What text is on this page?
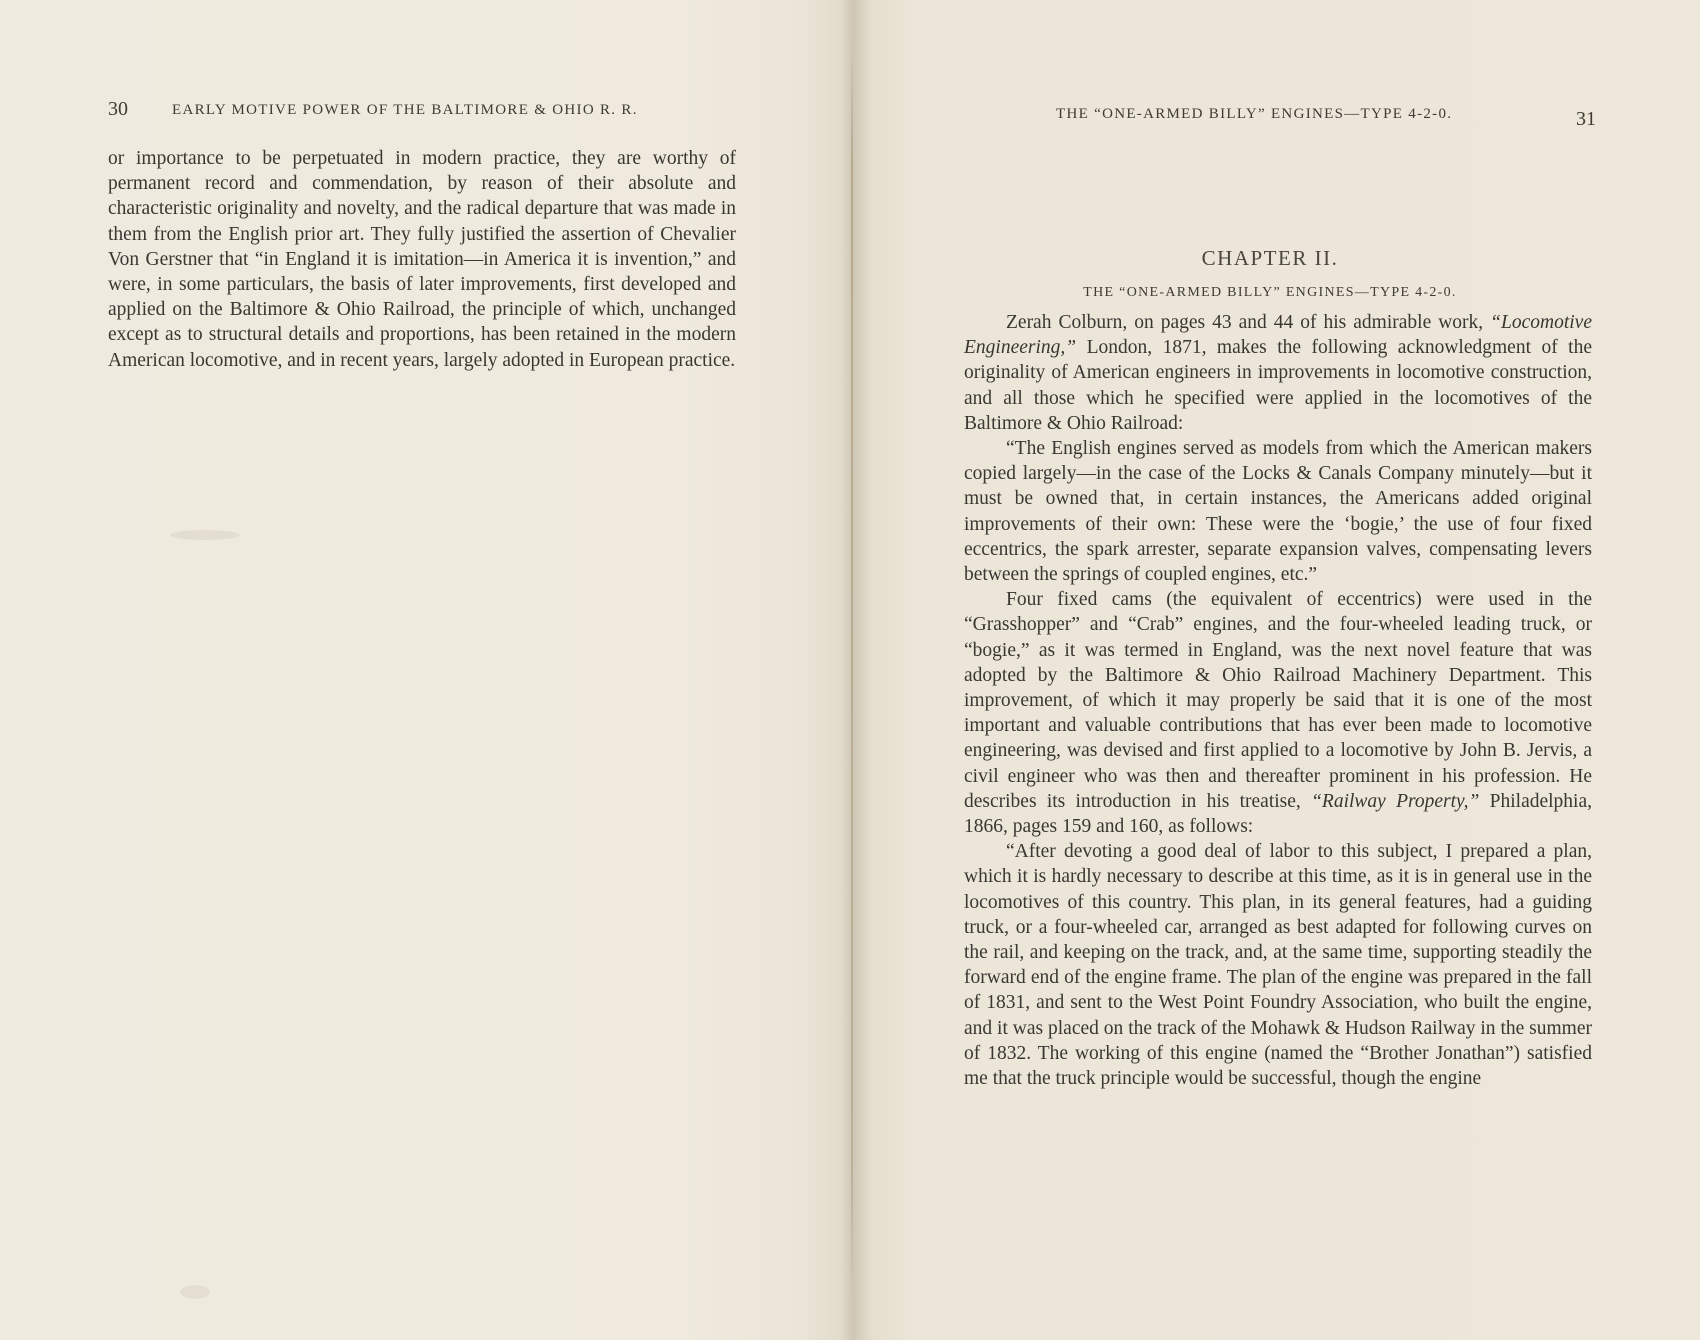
30	EARLY MOTIVE POWER OF THE BALTIMORE & OHIO R. R.

or importance to be perpetuated in modern practice, they are worthy of permanent record and commendation, by reason of their absolute and characteristic originality and novelty, and the radical departure that was made in them from the English prior art. They fully justified the assertion of Chevalier Von Gerstner that “in England it is imitation—in America it is invention,” and were, in some particulars, the basis of later improvements, first developed and applied on the Baltimore & Ohio Railroad, the principle of which, unchanged except as to structural details and proportions, has been retained in the modern American locomotive, and in recent years, largely adopted in European practice.

THE “ONE-ARMED BILLY” ENGINES—TYPE 4-2-0.	31
CHAPTER II.
THE “ONE-ARMED BILLY” ENGINES—TYPE 4-2-0.

Zerah Colburn, on pages 43 and 44 of his admirable work, “Locomotive Engineering,” London, 1871, makes the following acknowledgment of the originality of American engineers in improvements in locomotive construction, and all those which he specified were applied in the locomotives of the Baltimore & Ohio Railroad:

“The English engines served as models from which the American makers copied largely—in the case of the Locks & Canals Company minutely—but it must be owned that, in certain instances, the Americans added original improvements of their own: These were the ‘bogie,’ the use of four fixed eccentrics, the spark arrester, separate expansion valves, compensating levers between the springs of coupled engines, etc.”

Four fixed cams (the equivalent of eccentrics) were used in the “Grasshopper” and “Crab” engines, and the four-wheeled leading truck, or “bogie,” as it was termed in England, was the next novel feature that was adopted by the Baltimore & Ohio Railroad Machinery Department. This improvement, of which it may properly be said that it is one of the most important and valuable contributions that has ever been made to locomotive engineering, was devised and first applied to a locomotive by John B. Jervis, a civil engineer who was then and thereafter prominent in his profession. He describes its introduction in his treatise, “Railway Property,” Philadelphia, 1866, pages 159 and 160, as follows:

“After devoting a good deal of labor to this subject, I prepared a plan, which it is hardly necessary to describe at this time, as it is in general use in the locomotives of this country. This plan, in its general features, had a guiding truck, or a four-wheeled car, arranged as best adapted for following curves on the rail, and keeping on the track, and, at the same time, supporting steadily the forward end of the engine frame. The plan of the engine was prepared in the fall of 1831, and sent to the West Point Foundry Association, who built the engine, and it was placed on the track of the Mohawk & Hudson Railway in the summer of 1832. The working of this engine (named the “Brother Jonathan”) satisfied me that the truck principle would be successful, though the engine
